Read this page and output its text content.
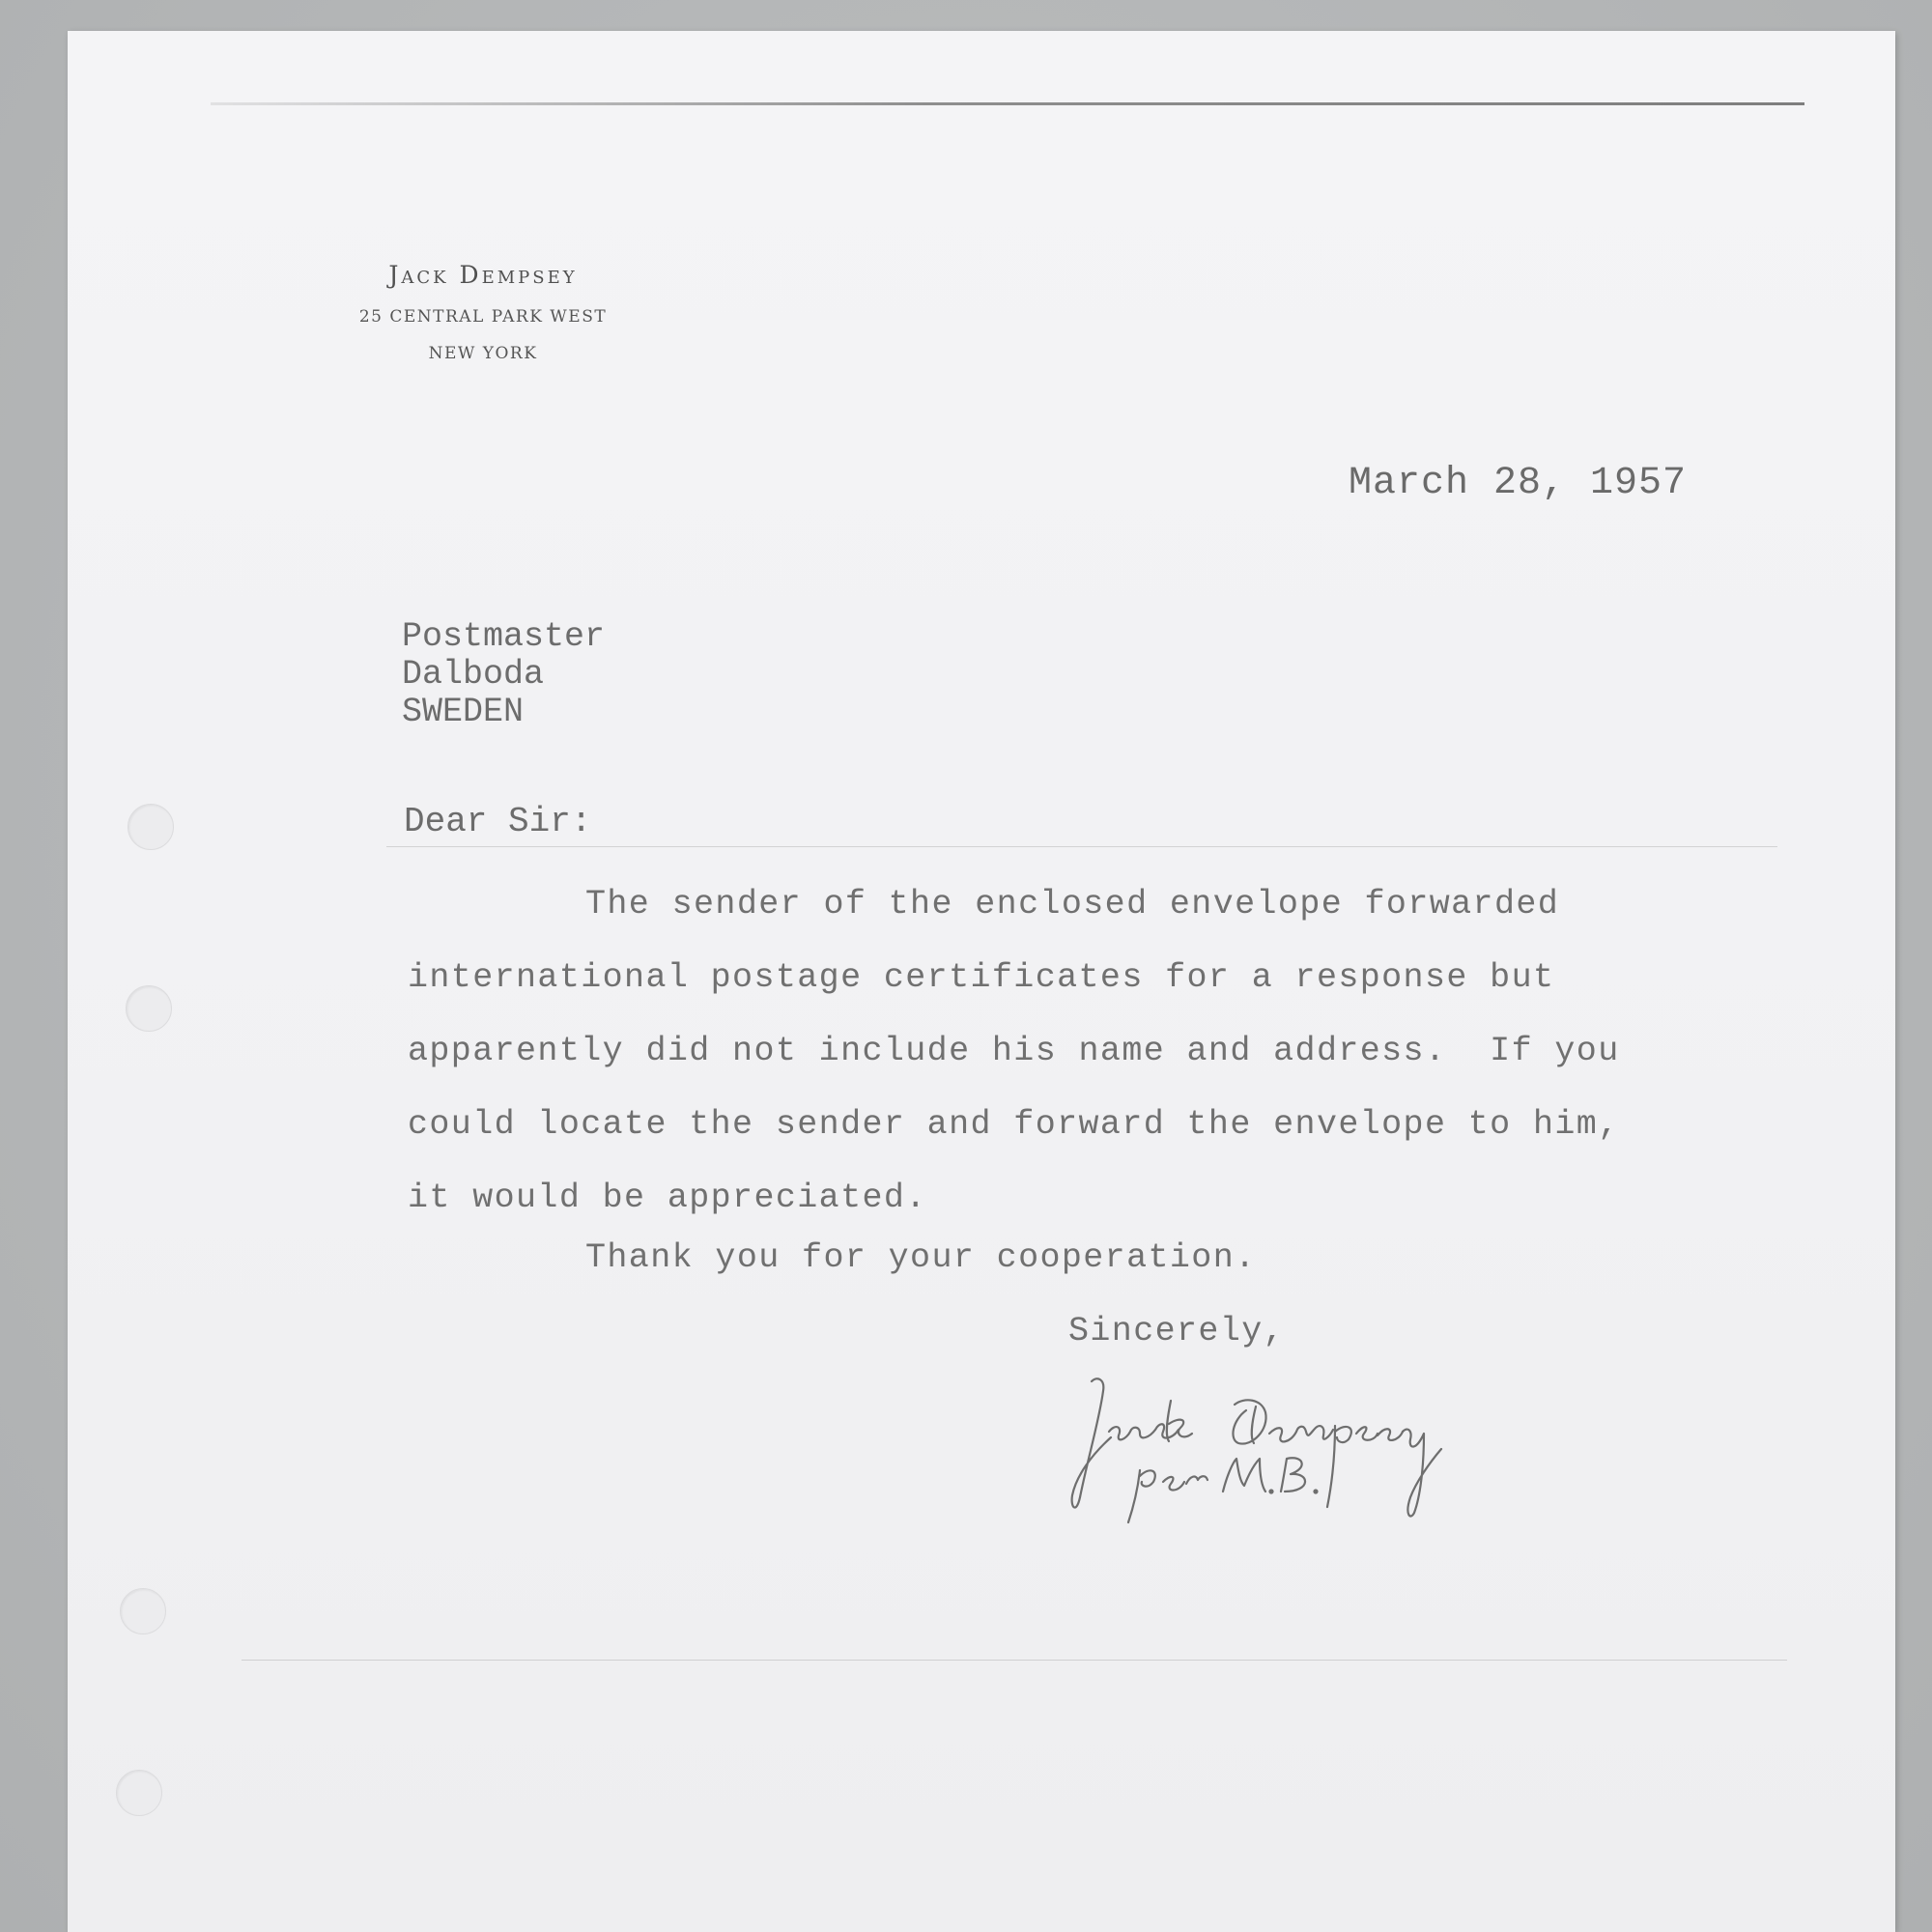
Jack Dempsey
25 CENTRAL PARK WEST
NEW YORK
March 28, 1957
Postmaster
Dalboda
SWEDEN
Dear Sir:
The sender of the enclosed envelope forwarded
international postage certificates for a response but
apparently did not include his name and address.  If you
could locate the sender and forward the envelope to him,
it would be appreciated.
Thank you for your cooperation.
Sincerely,
